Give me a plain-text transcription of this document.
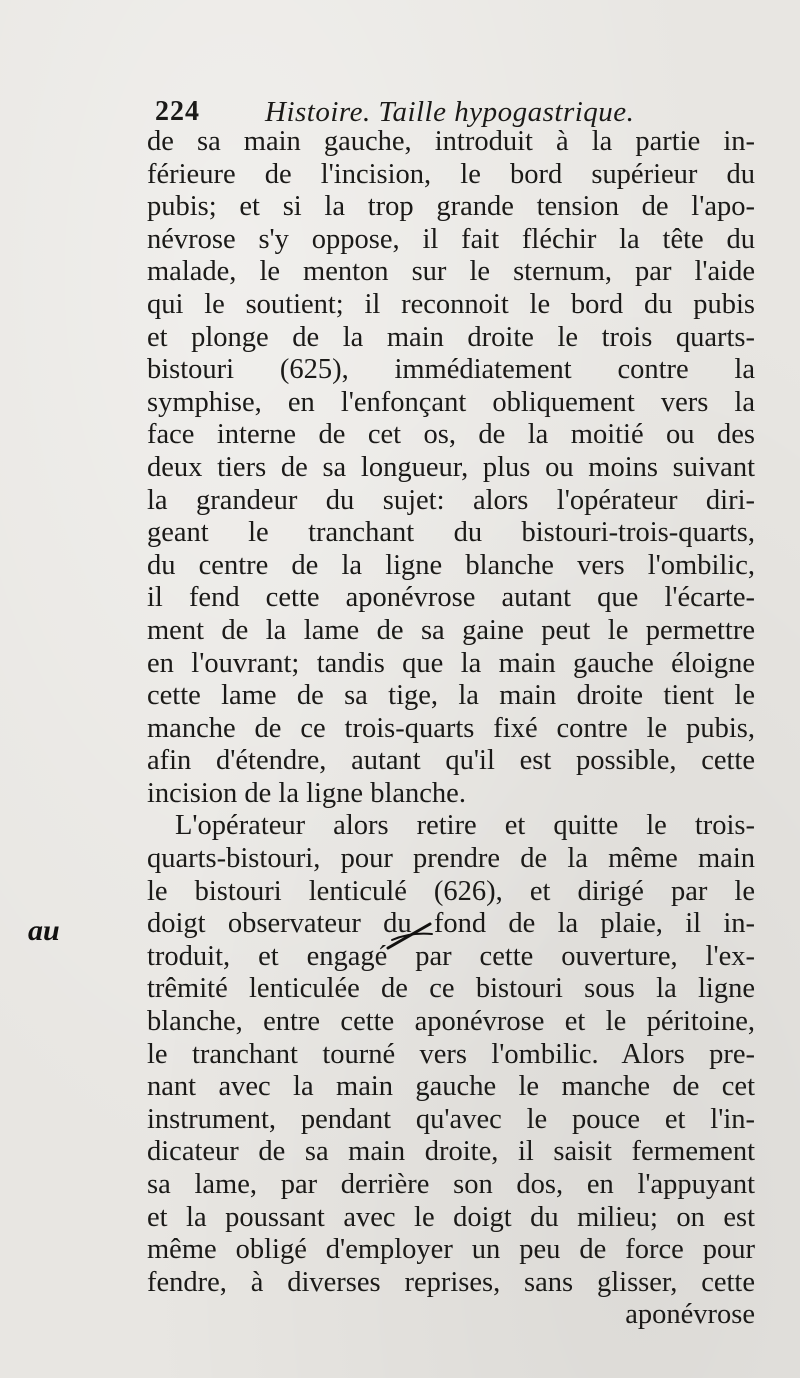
224 Histoire. Taille hypogastrique.
au
de sa main gauche, introduit à la partie in-
férieure de l'incision, le bord supérieur du
pubis; et si la trop grande tension de l'apo-
névrose s'y oppose, il fait fléchir la tête du
malade, le menton sur le sternum, par l'aide
qui le soutient; il reconnoit le bord du pubis
et plonge de la main droite le trois quarts-
bistouri (625), immédiatement contre la
symphise, en l'enfonçant obliquement vers la
face interne de cet os, de la moitié ou des
deux tiers de sa longueur, plus ou moins suivant
la grandeur du sujet: alors l'opérateur diri-
geant le tranchant du bistouri-trois-quarts,
du centre de la ligne blanche vers l'ombilic,
il fend cette aponévrose autant que l'écarte-
ment de la lame de sa gaine peut le permettre
en l'ouvrant; tandis que la main gauche éloigne
cette lame de sa tige, la main droite tient le
manche de ce trois-quarts fixé contre le pubis,
afin d'étendre, autant qu'il est possible, cette
incision de la ligne blanche.
L'opérateur alors retire et quitte le trois-
quarts-bistouri, pour prendre de la même main
le bistouri lenticulé (626), et dirigé par le
doigt observateur du fond de la plaie, il in-
troduit, et engagé par cette ouverture, l'ex-
trêmité lenticulée de ce bistouri sous la ligne
blanche, entre cette aponévrose et le péritoine,
le tranchant tourné vers l'ombilic. Alors pre-
nant avec la main gauche le manche de cet
instrument, pendant qu'avec le pouce et l'in-
dicateur de sa main droite, il saisit fermement
sa lame, par derrière son dos, en l'appuyant
et la poussant avec le doigt du milieu; on est
même obligé d'employer un peu de force pour
fendre, à diverses reprises, sans glisser, cette
aponévrose
